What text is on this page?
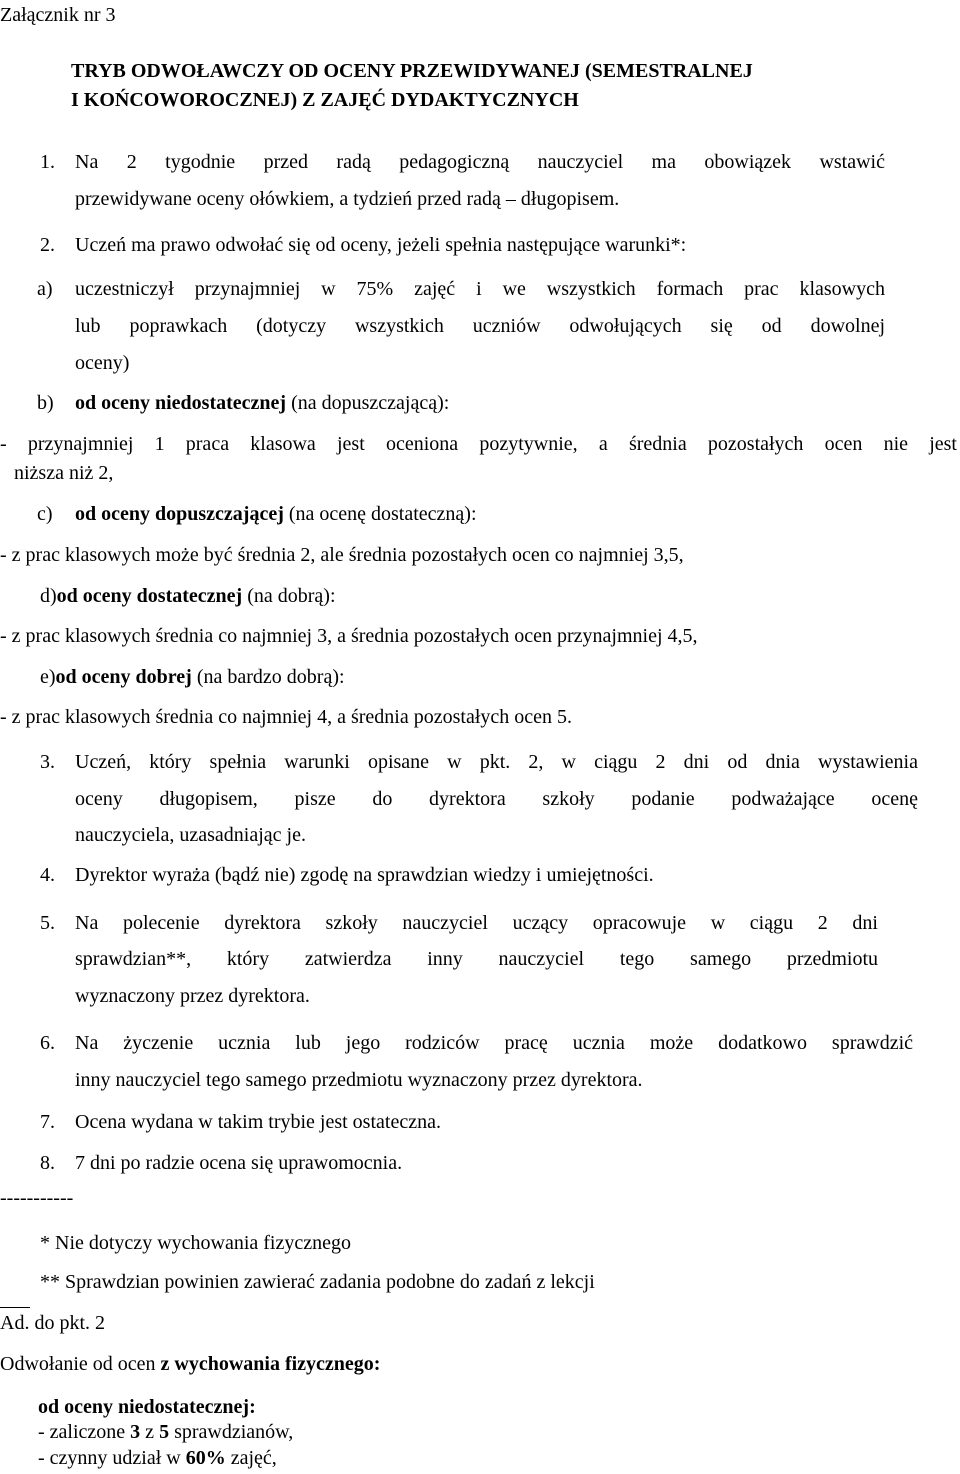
Załącznik nr 3
TRYB ODWOŁAWCZY OD OCENY PRZEWIDYWANEJ (SEMESTRALNEJ
I KOŃCOWOROCZNEJ) Z ZAJĘĆ DYDAKTYCZNYCH
1. Na 2 tygodnie przed radą pedagogiczną nauczyciel ma obowiązek wstawić
przewidywane oceny ołówkiem, a tydzień przed radą – długopisem.
2. Uczeń ma prawo odwołać się od oceny, jeżeli spełnia następujące warunki*:
a) uczestniczył przynajmniej w 75% zajęć i we wszystkich formach prac klasowych
lub poprawkach (dotyczy wszystkich uczniów odwołujących się od dowolnej
oceny)
b) od oceny niedostatecznej (na dopuszczającą):
- przynajmniej 1 praca klasowa jest oceniona pozytywnie, a średnia pozostałych ocen nie jest
niższa niż 2,
c) od oceny dopuszczającej (na ocenę dostateczną):
- z prac klasowych może być średnia 2, ale średnia pozostałych ocen co najmniej 3,5,
d)od oceny dostatecznej (na dobrą):
- z prac klasowych średnia co najmniej 3, a średnia pozostałych ocen przynajmniej 4,5,
e)od oceny dobrej (na bardzo dobrą):
- z prac klasowych średnia co najmniej 4, a średnia pozostałych ocen 5.
3. Uczeń, który spełnia warunki opisane w pkt. 2, w ciągu 2 dni od dnia wystawienia
oceny długopisem, pisze do dyrektora szkoły podanie podważające ocenę
nauczyciela, uzasadniając je.
4. Dyrektor wyraża (bądź nie) zgodę na sprawdzian wiedzy i umiejętności.
5. Na polecenie dyrektora szkoły nauczyciel uczący opracowuje w ciągu 2 dni
sprawdzian**, który zatwierdza inny nauczyciel tego samego przedmiotu
wyznaczony przez dyrektora.
6. Na życzenie ucznia lub jego rodziców pracę ucznia może dodatkowo sprawdzić
inny nauczyciel tego samego przedmiotu wyznaczony przez dyrektora.
7. Ocena wydana w takim trybie jest ostateczna.
8. 7 dni po radzie ocena się uprawomocnia.
-----------
* Nie dotyczy wychowania fizycznego
** Sprawdzian powinien zawierać zadania podobne do zadań z lekcji
Ad. do pkt. 2
Odwołanie od ocen z wychowania fizycznego:
od oceny niedostatecznej:
- zaliczone 3 z 5 sprawdzianów,
- czynny udział w 60% zajęć,
